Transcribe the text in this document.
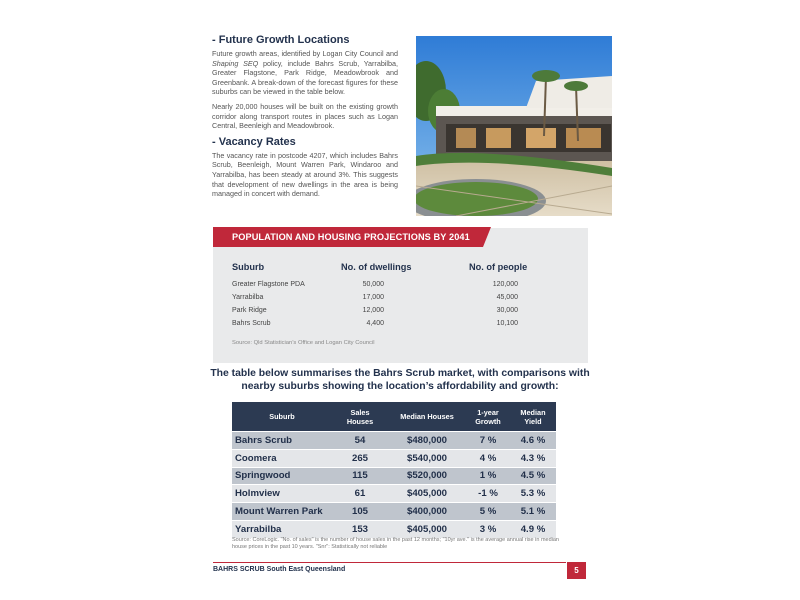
- Future Growth Locations

Future growth areas, identified by Logan City Council and Shaping SEQ policy, include Bahrs Scrub, Yarrabilba, Greater Flagstone, Park Ridge, Meadowbrook and Greenbank. A break-down of the forecast figures for these suburbs can be viewed in the table below.

Nearly 20,000 houses will be built on the existing growth corridor along transport routes in places such as Logan Central, Beenleigh and Meadowbrook.

- Vacancy Rates

The vacancy rate in postcode 4207, which includes Bahrs Scrub, Beenleigh, Mount Warren Park, Windaroo and Yarrabilba, has been steady at around 3%. This suggests that development of new dwellings in the area is being managed in concert with demand.

POPULATION AND HOUSING PROJECTIONS BY 2041
Suburb	No. of dwellings	No. of people
Greater Flagstone PDA	50,000	120,000
Yarrabilba	17,000	45,000
Park Ridge	12,000	30,000
Bahrs Scrub	4,400	10,100
Source: Qld Statistician’s Office and Logan City Council
The table below summarises the Bahrs Scrub market, with comparisons with
nearby suburbs showing the location’s affordability and growth:
Suburb	Sales Houses	Median Houses	1-year Growth	Median Yield
Bahrs Scrub	54	$480,000	7 %	4.6 %
Coomera	265	$540,000	4 %	4.3 %
Springwood	115	$520,000	1 %	4.5 %
Holmview	61	$405,000	-1 %	5.3 %
Mount Warren Park	105	$400,000	5 %	5.1 %
Yarrabilba	153	$405,000	3 %	4.9 %
Source: CoreLogic. "No. of sales" is the number of house sales in the past 12 months; "10yr ave." is the average annual rise in median house prices in the past 10 years. "Snr": Statistically not reliable
BAHRS SCRUB South East Queensland	5
